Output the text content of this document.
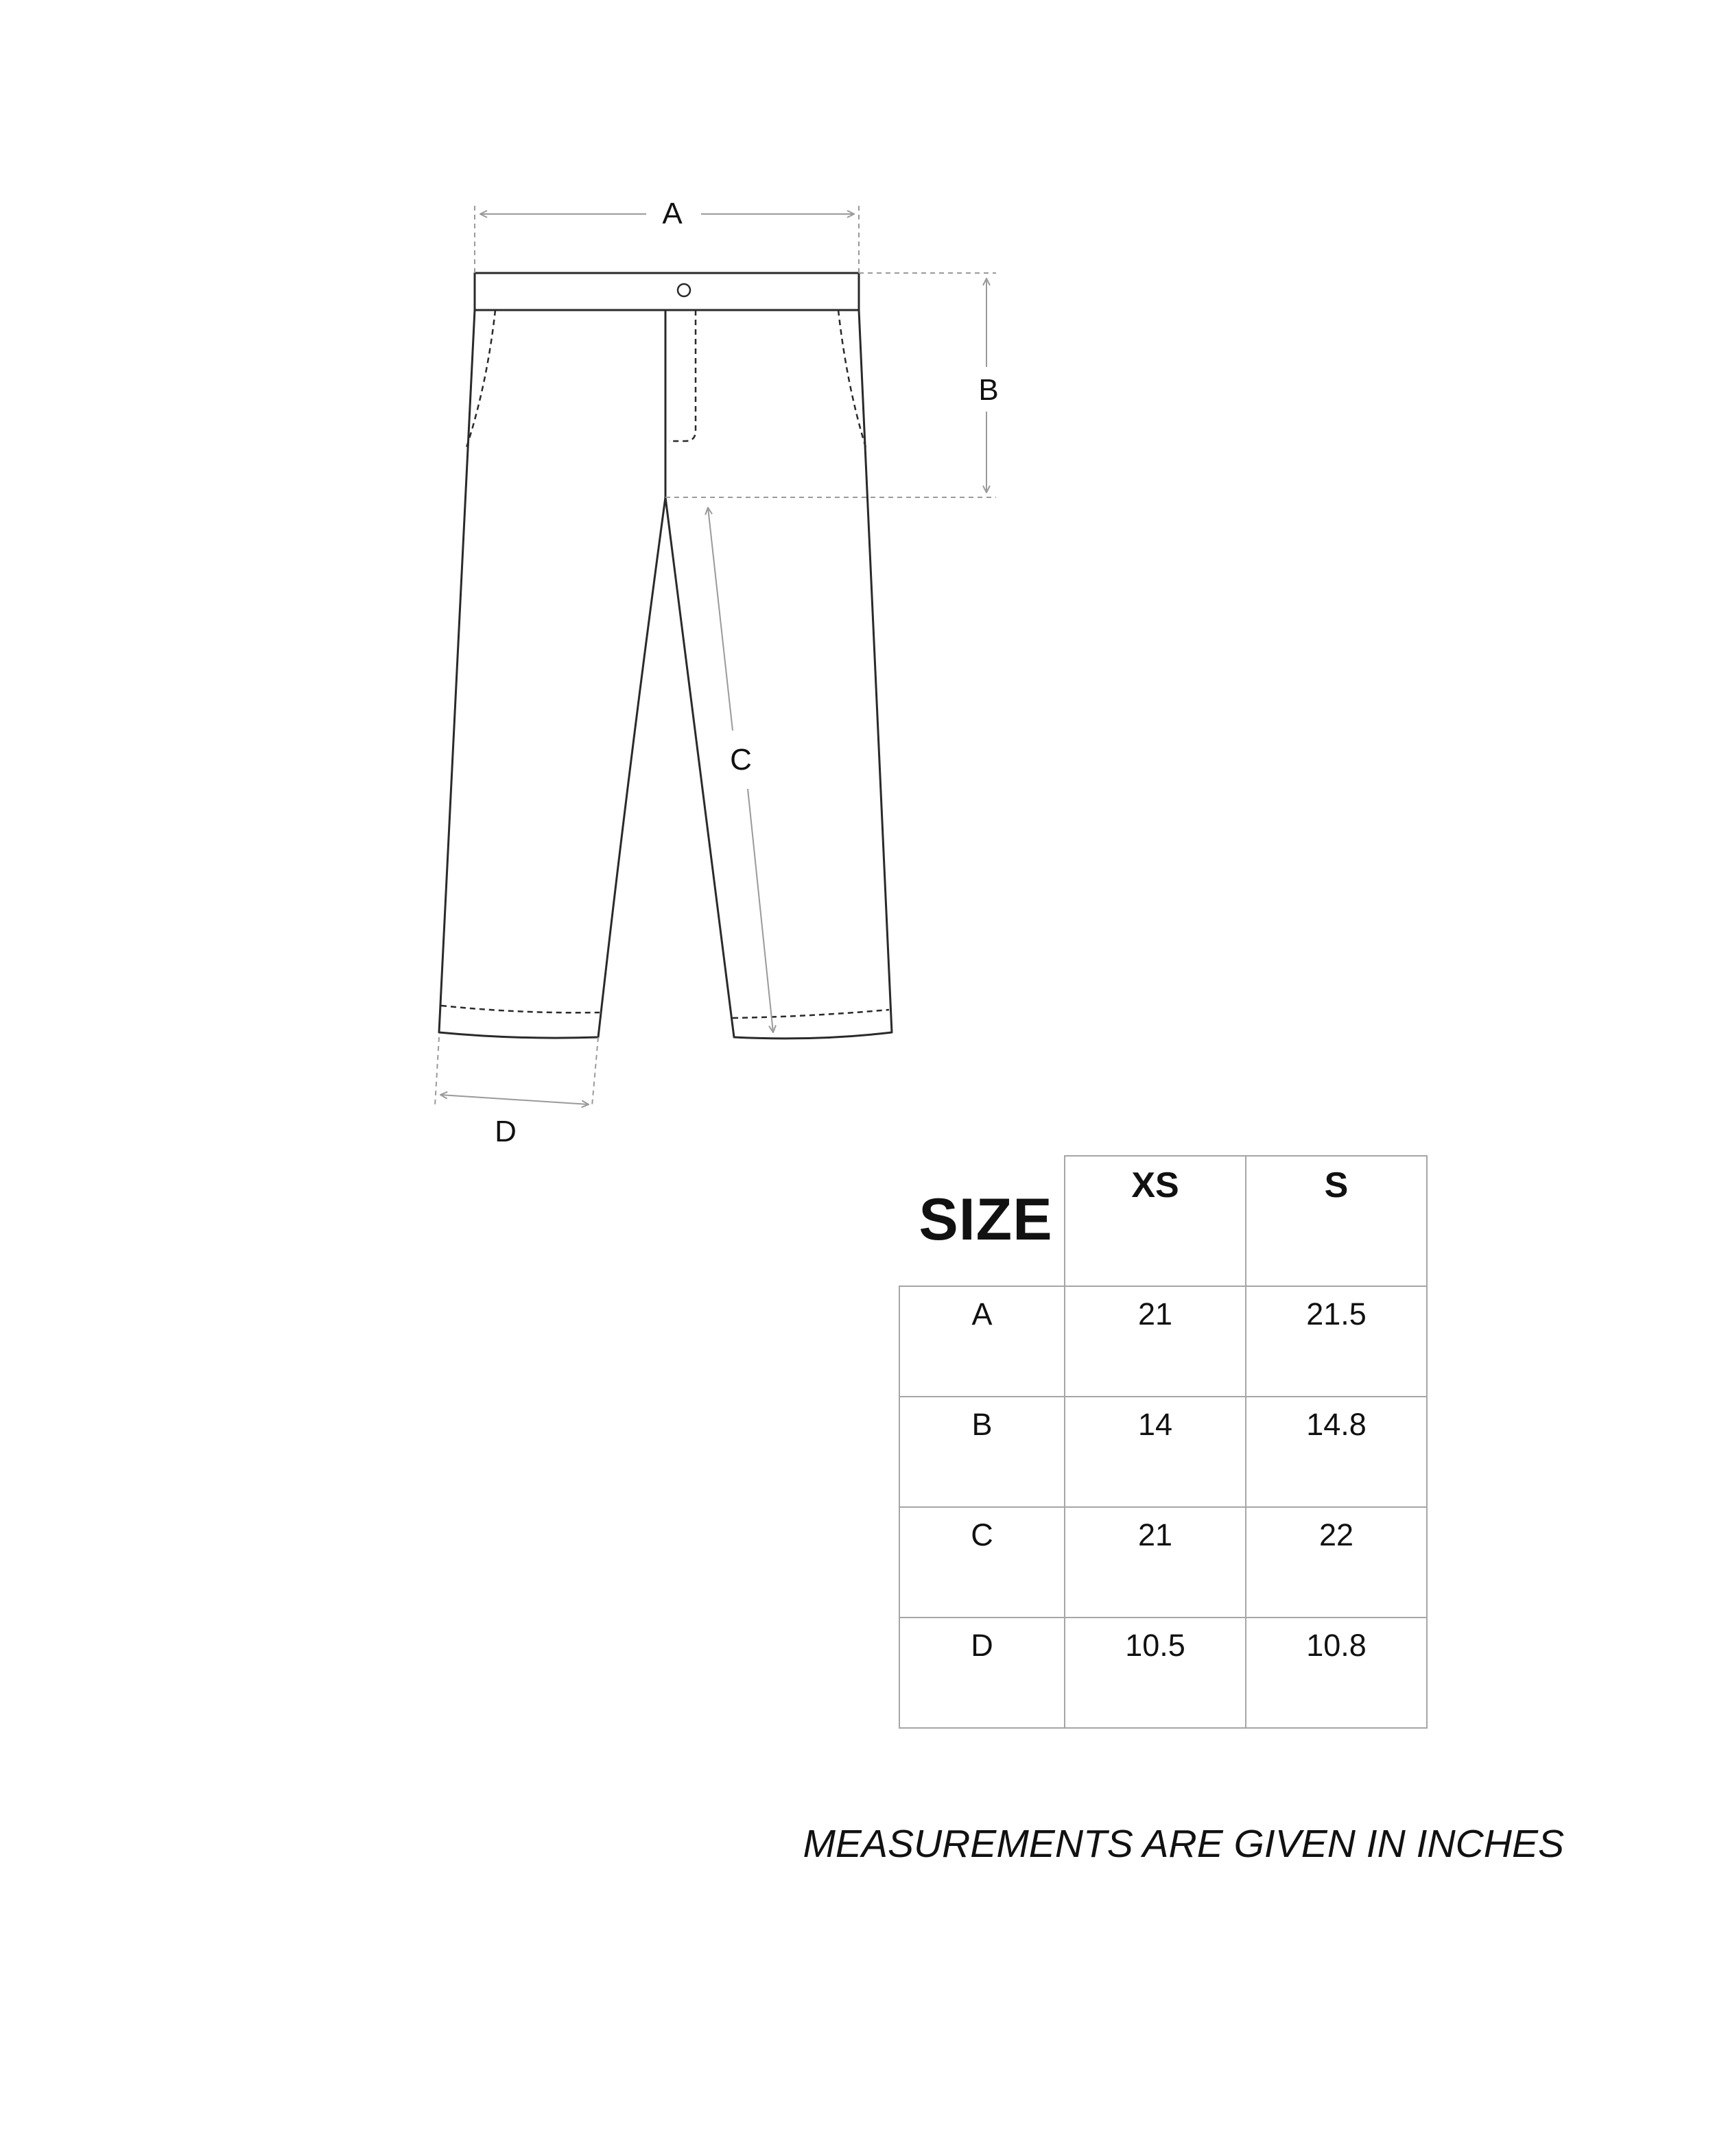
A
B
C
D
SIZE	XS	S

A	21	21.5

B	14	14.8

C	21	22

D	10.5	10.8
MEASUREMENTS ARE GIVEN IN INCHES
